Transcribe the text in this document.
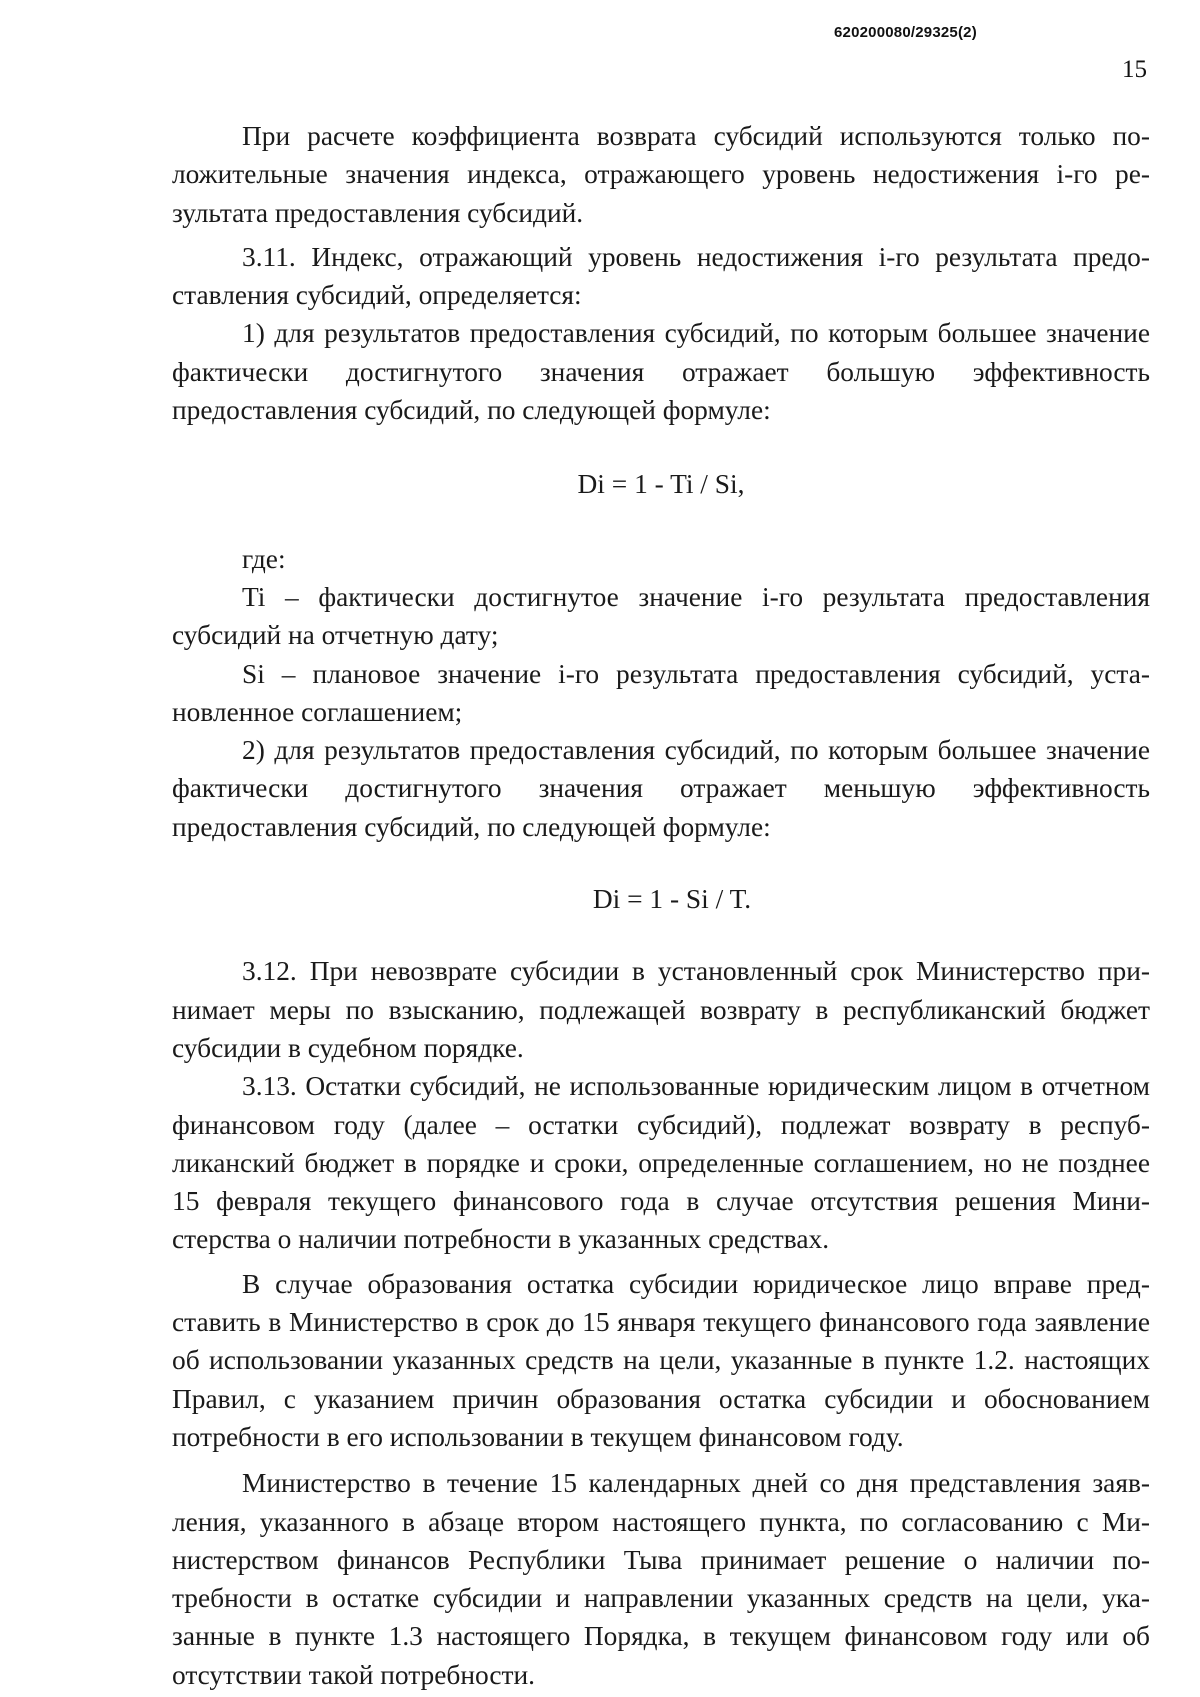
620200080/29325(2)
15

При расчете коэффициента возврата субсидий используются только положительные значения индекса, отражающего уровень недостижения i-го результата предоставления субсидий.

3.11. Индекс, отражающий уровень недостижения i-го результата предоставления субсидий, определяется:

1) для результатов предоставления субсидий, по которым большее значение фактически достигнутого значения отражает большую эффективность предоставления субсидий, по следующей формуле:

Di = 1 - Ti / Si,

где:

Ti – фактически достигнутое значение i-го результата предоставления субсидий на отчетную дату;

Si – плановое значение i-го результата предоставления субсидий, установленное соглашением;

2) для результатов предоставления субсидий, по которым большее значение фактически достигнутого значения отражает меньшую эффективность предоставления субсидий, по следующей формуле:

Di = 1 - Si / T.

3.12. При невозврате субсидии в установленный срок Министерство принимает меры по взысканию, подлежащей возврату в республиканский бюджет субсидии в судебном порядке.

3.13. Остатки субсидий, не использованные юридическим лицом в отчетном финансовом году (далее – остатки субсидий), подлежат возврату в республиканский бюджет в порядке и сроки, определенные соглашением, но не позднее 15 февраля текущего финансового года в случае отсутствия решения Министерства о наличии потребности в указанных средствах.

В случае образования остатка субсидии юридическое лицо вправе представить в Министерство в срок до 15 января текущего финансового года заявление об использовании указанных средств на цели, указанные в пункте 1.2. настоящих Правил, с указанием причин образования остатка субсидии и обоснованием потребности в его использовании в текущем финансовом году.

Министерство в течение 15 календарных дней со дня представления заявления, указанного в абзаце втором настоящего пункта, по согласованию с Министерством финансов Республики Тыва принимает решение о наличии потребности в остатке субсидии и направлении указанных средств на цели, указанные в пункте 1.3 настоящего Порядка, в текущем финансовом году или об отсутствии такой потребности.
